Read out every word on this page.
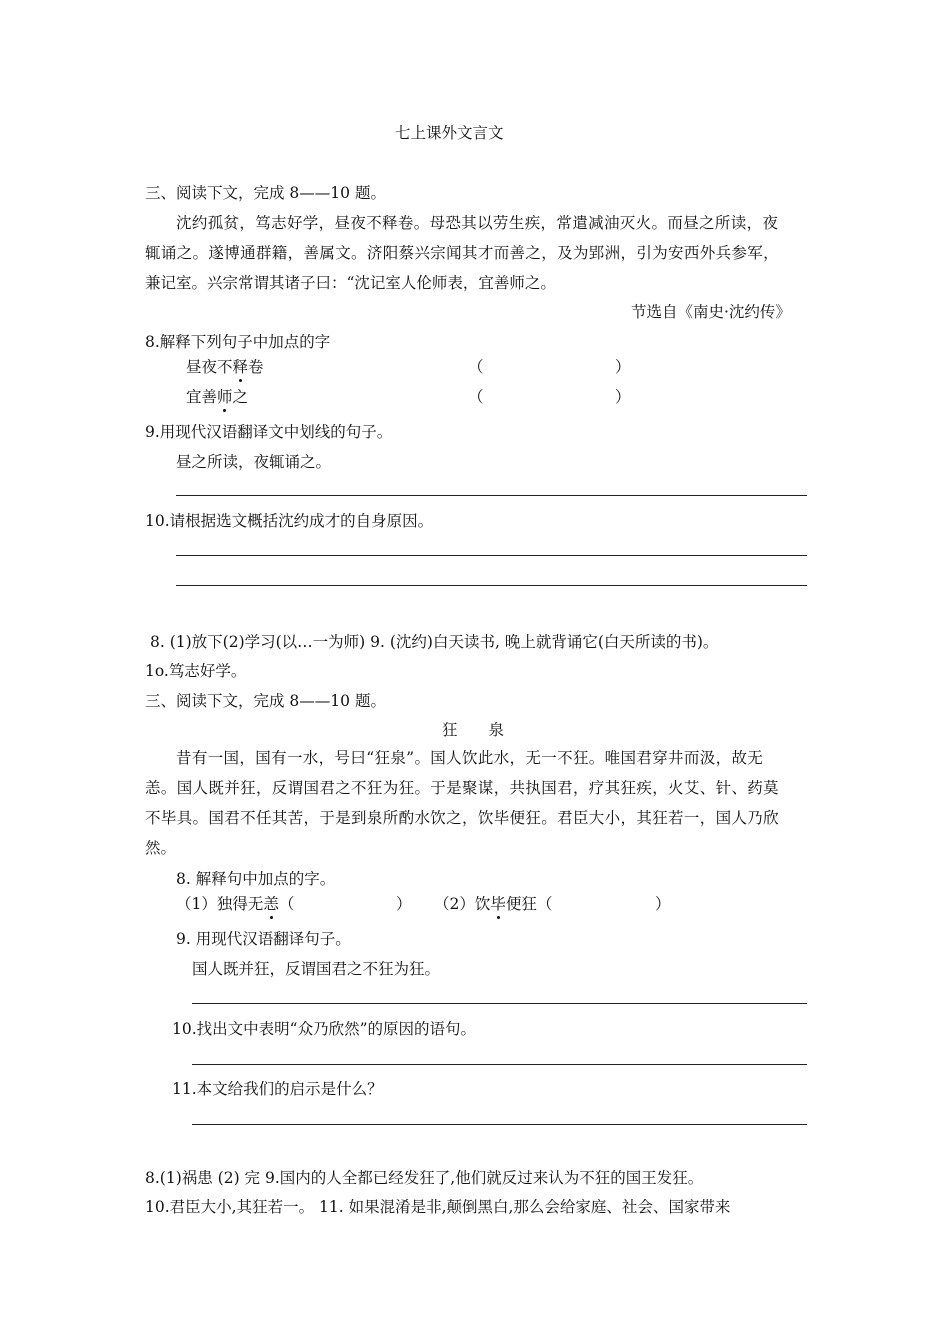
七上课外文言文
三、阅读下文，完成 8——10 题。
沈约孤贫，笃志好学，昼夜不释卷。母恐其以劳生疾，常遣减油灭火。而昼之所读，夜
辄诵之。遂博通群籍，善属文。济阳蔡兴宗闻其才而善之，及为郢洲，引为安西外兵参军，
兼记室。兴宗常谓其诸子曰：“沈记室人伦师表，宜善师之。
节选自《南史·沈约传》
8.解释下列句子中加点的字
昼夜不释卷	（	）
宜善师之	（	）
9.用现代汉语翻译文中划线的句子。
昼之所读，夜辄诵之。
10.请根据选文概括沈约成才的自身原因。
8. (1)放下(2)学习(以…一为师) 9. (沈约)白天读书, 晚上就背诵它(白天所读的书)。
1o.笃志好学。
三、阅读下文，完成 8——10 题。
狂　　泉
昔有一国，国有一水，号曰“狂泉”。国人饮此水，无一不狂。唯国君穿井而汲，故无
恙。国人既并狂，反谓国君之不狂为狂。于是聚谋，共执国君，疗其狂疾，火艾、针、药莫
不毕具。国君不任其苦，于是到泉所酌水饮之，饮毕便狂。君臣大小，其狂若一，国人乃欣
然。
8. 解释句中加点的字。
（1）独得无恙（	） （2）饮毕便狂（	）
9. 用现代汉语翻译句子。
国人既并狂，反谓国君之不狂为狂。
10.找出文中表明“众乃欣然”的原因的语句。
11.本文给我们的启示是什么？
8.(1)祸患 (2) 完 9.国内的人全都已经发狂了,他们就反过来认为不狂的国王发狂。
10.君臣大小,其狂若一。 11. 如果混淆是非,颠倒黑白,那么会给家庭、社会、国家带来
